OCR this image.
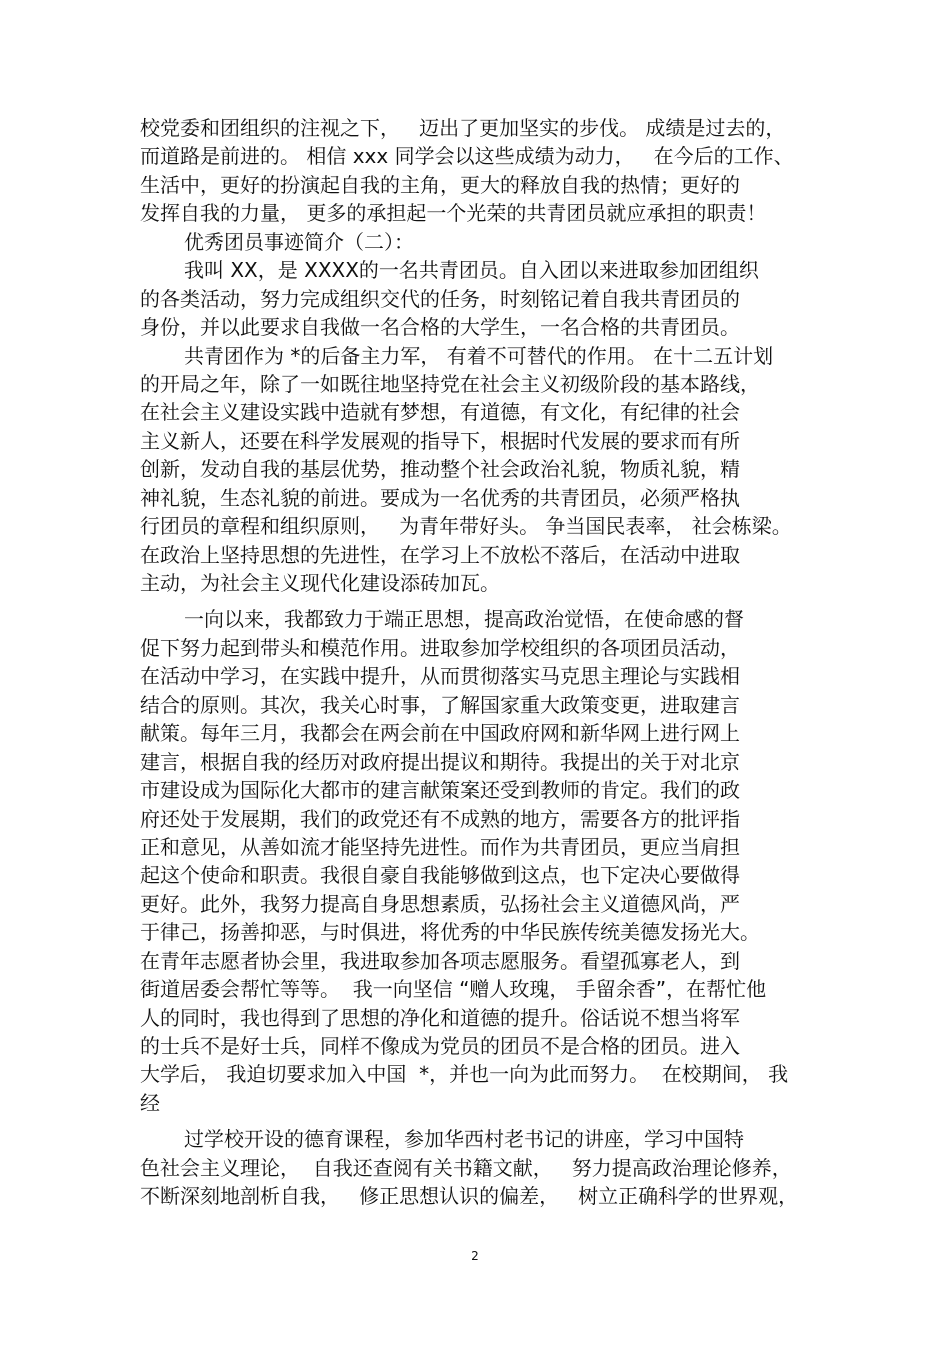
校党委和团组织的注视之下，   迈出了更加坚实的步伐。 成绩是过去的，
而道路是前进的。 相信 xxx 同学会以这些成绩为动力，   在今后的工作、
生活中，更好的扮演起自我的主角，更大的释放自我的热情；更好的
发挥自我的力量， 更多的承担起一个光荣的共青团员就应承担的职责！
优秀团员事迹简介（二）：
我叫 XX，是 XXXX的一名共青团员。自入团以来进取参加团组织
的各类活动，努力完成组织交代的任务，时刻铭记着自我共青团员的
身份，并以此要求自我做一名合格的大学生，一名合格的共青团员。
共青团作为 *的后备主力军， 有着不可替代的作用。 在十二五计划
的开局之年，除了一如既往地坚持党在社会主义初级阶段的基本路线，
在社会主义建设实践中造就有梦想，有道德，有文化，有纪律的社会
主义新人，还要在科学发展观的指导下，根据时代发展的要求而有所
创新，发动自我的基层优势，推动整个社会政治礼貌，物质礼貌，精
神礼貌，生态礼貌的前进。要成为一名优秀的共青团员，必须严格执
行团员的章程和组织原则，   为青年带好头。 争当国民表率， 社会栋梁。
在政治上坚持思想的先进性，在学习上不放松不落后，在活动中进取
主动，为社会主义现代化建设添砖加瓦。
一向以来，我都致力于端正思想，提高政治觉悟，在使命感的督
促下努力起到带头和模范作用。进取参加学校组织的各项团员活动，
在活动中学习，在实践中提升，从而贯彻落实马克思主理论与实践相
结合的原则。其次，我关心时事，了解国家重大政策变更，进取建言
献策。每年三月，我都会在两会前在中国政府网和新华网上进行网上
建言，根据自我的经历对政府提出提议和期待。我提出的关于对北京
市建设成为国际化大都市的建言献策案还受到教师的肯定。我们的政
府还处于发展期，我们的政党还有不成熟的地方，需要各方的批评指
正和意见，从善如流才能坚持先进性。而作为共青团员，更应当肩担
起这个使命和职责。我很自豪自我能够做到这点，也下定决心要做得
更好。此外，我努力提高自身思想素质，弘扬社会主义道德风尚，严
于律己，扬善抑恶，与时俱进，将优秀的中华民族传统美德发扬光大。
在青年志愿者协会里，我进取参加各项志愿服务。看望孤寡老人，到
街道居委会帮忙等等。  我一向坚信 “赠人玫瑰， 手留余香”，在帮忙他
人的同时，我也得到了思想的净化和道德的提升。俗话说不想当将军
的士兵不是好士兵，同样不像成为党员的团员不是合格的团员。进入
大学后， 我迫切要求加入中国  *，并也一向为此而努力。  在校期间， 我
经
过学校开设的德育课程，参加华西村老书记的讲座，学习中国特
色社会主义理论，  自我还查阅有关书籍文献，   努力提高政治理论修养，
不断深刻地剖析自我，   修正思想认识的偏差，   树立正确科学的世界观，
2
